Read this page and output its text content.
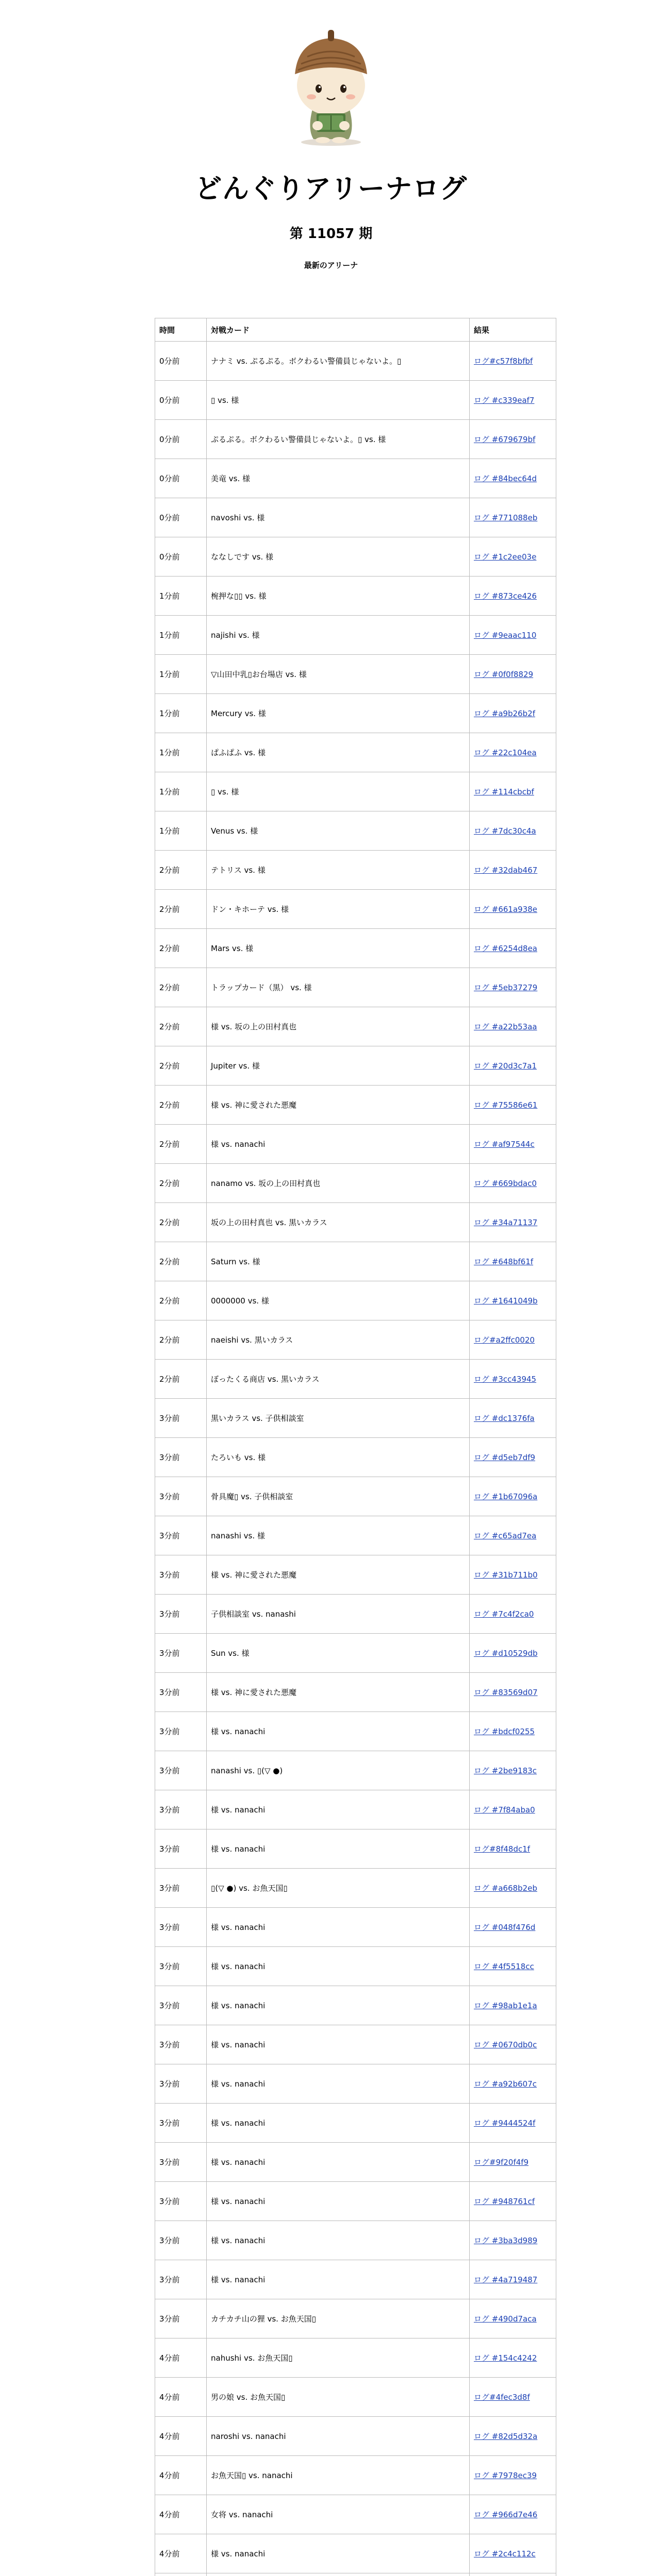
どんぐりアリーナログ
第 11057 期
最新のアリーナ
時間	対戦カード	結果
0分前	ナナミ vs. ぷるぷる。ボクわるい警備員じゃないよ。▯	ログ#c57f8bfbf
0分前	▯ vs. 様	ログ #c339eaf7
0分前	ぷるぷる。ボクわるい警備員じゃないよ。▯ vs. 様	ログ #679679bf
0分前	美竜 vs. 様	ログ #84bec64d
0分前	navoshi vs. 様	ログ #771088eb
0分前	ななしです vs. 様	ログ #1c2ee03e
1分前	椀押な▯▯ vs. 様	ログ #873ce426
1分前	najishi vs. 様	ログ #9eaac110
1分前	▽山田中乳▯お台場店 vs. 様	ログ #0f0f8829
1分前	Mercury vs. 様	ログ #a9b26b2f
1分前	ぱふぱふ vs. 様	ログ #22c104ea
1分前	▯ vs. 様	ログ #114cbcbf
1分前	Venus vs. 様	ログ #7dc30c4a
2分前	テトリス vs. 様	ログ #32dab467
2分前	ドン・キホーテ vs. 様	ログ #661a938e
2分前	Mars vs. 様	ログ #6254d8ea
2分前	トラップカード（黒） vs. 様	ログ #5eb37279
2分前	様 vs. 坂の上の田村真也	ログ #a22b53aa
2分前	Jupiter vs. 様	ログ #20d3c7a1
2分前	様 vs. 神に愛された悪魔	ログ #75586e61
2分前	様 vs. nanachi	ログ #af97544c
2分前	nanamo vs. 坂の上の田村真也	ログ #669bdac0
2分前	坂の上の田村真也 vs. 黒いカラス	ログ #34a71137
2分前	Saturn vs. 様	ログ #648bf61f
2分前	0000000 vs. 様	ログ #1641049b
2分前	naeishi vs. 黒いカラス	ログ#a2ffc0020
2分前	ぼったくる商店 vs. 黒いカラス	ログ #3cc43945
3分前	黒いカラス vs. 子供相談室	ログ #dc1376fa
3分前	たろいも vs. 様	ログ #d5eb7df9
3分前	骨具魔▯ vs. 子供相談室	ログ #1b67096a
3分前	nanashi vs. 様	ログ #c65ad7ea
3分前	様 vs. 神に愛された悪魔	ログ #31b711b0
3分前	子供相談室 vs. nanashi	ログ #7c4f2ca0
3分前	Sun vs. 様	ログ #d10529db
3分前	様 vs. 神に愛された悪魔	ログ #83569d07
3分前	様 vs. nanachi	ログ #bdcf0255
3分前	nanashi vs. ▯(▽ ●)	ログ #2be9183c
3分前	様 vs. nanachi	ログ #7f84aba0
3分前	様 vs. nanachi	ログ#8f48dc1f
3分前	▯(▽ ●) vs. お魚天国▯	ログ #a668b2eb
3分前	様 vs. nanachi	ログ #048f476d
3分前	様 vs. nanachi	ログ #4f5518cc
3分前	様 vs. nanachi	ログ #98ab1e1a
3分前	様 vs. nanachi	ログ #0670db0c
3分前	様 vs. nanachi	ログ #a92b607c
3分前	様 vs. nanachi	ログ #9444524f
3分前	様 vs. nanachi	ログ#9f20f4f9
3分前	様 vs. nanachi	ログ #948761cf
3分前	様 vs. nanachi	ログ #3ba3d989
3分前	様 vs. nanachi	ログ #4a719487
3分前	カチカチ山の狸 vs. お魚天国▯	ログ #490d7aca
4分前	nahushi vs. お魚天国▯	ログ #154c4242
4分前	男の娘 vs. お魚天国▯	ログ#4fec3d8f
4分前	naroshi vs. nanachi	ログ #82d5d32a
4分前	お魚天国▯ vs. nanachi	ログ #7978ec39
4分前	女将 vs. nanachi	ログ #966d7e46
4分前	様 vs. nanachi	ログ #2c4c112c
